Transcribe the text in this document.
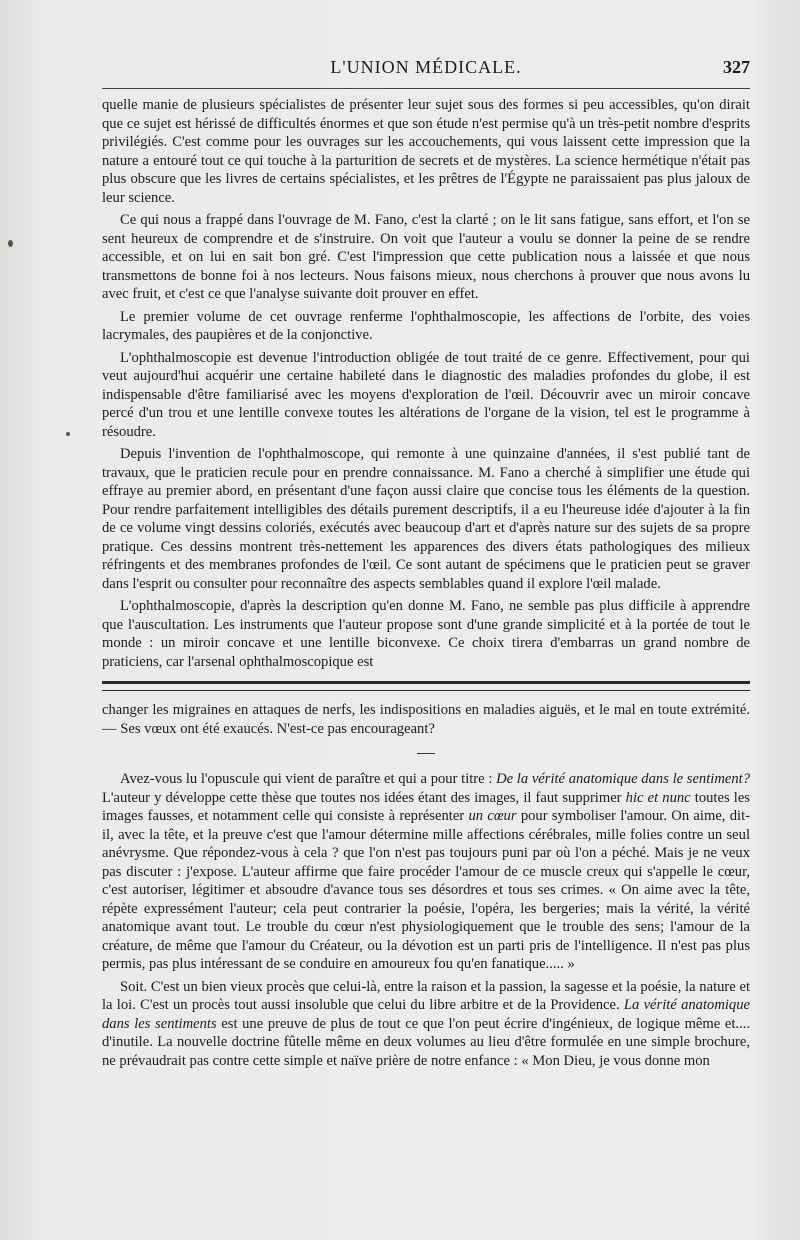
L'UNION MÉDICALE.	327

quelle manie de plusieurs spécialistes de présenter leur sujet sous des formes si peu accessibles, qu'on dirait que ce sujet est hérissé de difficultés énormes et que son étude n'est permise qu'à un très-petit nombre d'esprits privilégiés. C'est comme pour les ouvrages sur les accouchements, qui vous laissent cette impression que la nature a entouré tout ce qui touche à la parturition de secrets et de mystères. La science hermétique n'était pas plus obscure que les livres de certains spécialistes, et les prêtres de l'Égypte ne paraissaient pas plus jaloux de leur science.

Ce qui nous a frappé dans l'ouvrage de M. Fano, c'est la clarté ; on le lit sans fatigue, sans effort, et l'on se sent heureux de comprendre et de s'instruire. On voit que l'auteur a voulu se donner la peine de se rendre accessible, et on lui en sait bon gré. C'est l'impression que cette publication nous a laissée et que nous transmettons de bonne foi à nos lecteurs. Nous faisons mieux, nous cherchons à prouver que nous avons lu avec fruit, et c'est ce que l'analyse suivante doit prouver en effet.

Le premier volume de cet ouvrage renferme l'ophthalmoscopie, les affections de l'orbite, des voies lacrymales, des paupières et de la conjonctive.

L'ophthalmoscopie est devenue l'introduction obligée de tout traité de ce genre. Effectivement, pour qui veut aujourd'hui acquérir une certaine habileté dans le diagnostic des maladies profondes du globe, il est indispensable d'être familiarisé avec les moyens d'exploration de l'œil. Découvrir avec un miroir concave percé d'un trou et une lentille convexe toutes les altérations de l'organe de la vision, tel est le programme à résoudre.

Depuis l'invention de l'ophthalmoscope, qui remonte à une quinzaine d'années, il s'est publié tant de travaux, que le praticien recule pour en prendre connaissance. M. Fano a cherché à simplifier une étude qui effraye au premier abord, en présentant d'une façon aussi claire que concise tous les éléments de la question. Pour rendre parfaitement intelligibles des détails purement descriptifs, il a eu l'heureuse idée d'ajouter à la fin de ce volume vingt dessins coloriés, exécutés avec beaucoup d'art et d'après nature sur des sujets de sa propre pratique. Ces dessins montrent très-nettement les apparences des divers états pathologiques des milieux réfringents et des membranes profondes de l'œil. Ce sont autant de spécimens que le praticien peut se graver dans l'esprit ou consulter pour reconnaître des aspects semblables quand il explore l'œil malade.

L'ophthalmoscopie, d'après la description qu'en donne M. Fano, ne semble pas plus difficile à apprendre que l'auscultation. Les instruments que l'auteur propose sont d'une grande simplicité et à la portée de tout le monde : un miroir concave et une lentille biconvexe. Ce choix tirera d'embarras un grand nombre de praticiens, car l'arsenal ophthalmoscopique est

changer les migraines en attaques de nerfs, les indispositions en maladies aiguës, et le mal en toute extrémité. — Ses vœux ont été exaucés. N'est-ce pas encourageant?

Avez-vous lu l'opuscule qui vient de paraître et qui a pour titre : De la vérité anatomique dans le sentiment? L'auteur y développe cette thèse que toutes nos idées étant des images, il faut supprimer hic et nunc toutes les images fausses, et notamment celle qui consiste à représenter un cœur pour symboliser l'amour. On aime, dit-il, avec la tête, et la preuve c'est que l'amour détermine mille affections cérébrales, mille folies contre un seul anévrysme. Que répondez-vous à cela ? que l'on n'est pas toujours puni par où l'on a péché. Mais je ne veux pas discuter : j'expose. L'auteur affirme que faire procéder l'amour de ce muscle creux qui s'appelle le cœur, c'est autoriser, légitimer et absoudre d'avance tous ses désordres et tous ses crimes. « On aime avec la tête, répète expressément l'auteur; cela peut contrarier la poésie, l'opéra, les bergeries; mais la vérité, la vérité anatomique avant tout. Le trouble du cœur n'est physiologiquement que le trouble des sens; l'amour de la créature, de même que l'amour du Créateur, ou la dévotion est un parti pris de l'intelligence. Il n'est pas plus permis, pas plus intéressant de se conduire en amoureux fou qu'en fanatique..... »

Soit. C'est un bien vieux procès que celui-là, entre la raison et la passion, la sagesse et la poésie, la nature et la loi. C'est un procès tout aussi insoluble que celui du libre arbitre et de la Providence. La vérité anatomique dans les sentiments est une preuve de plus de tout ce que l'on peut écrire d'ingénieux, de logique même et.... d'inutile. La nouvelle doctrine fûtelle même en deux volumes au lieu d'être formulée en une simple brochure, ne prévaudrait pas contre cette simple et naïve prière de notre enfance : « Mon Dieu, je vous donne mon
